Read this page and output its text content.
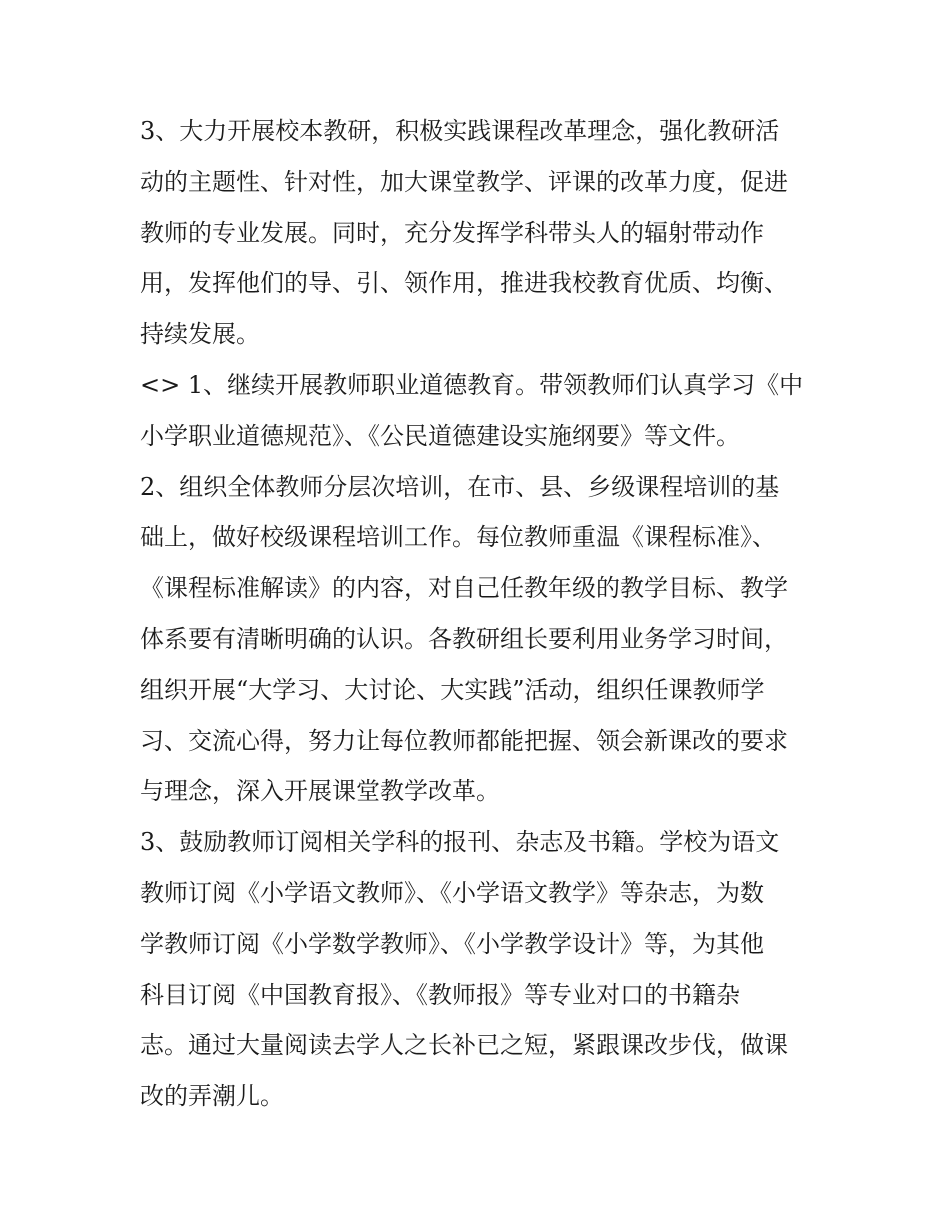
3、大力开展校本教研，积极实践课程改革理念，强化教研活
动的主题性、针对性，加大课堂教学、评课的改革力度，促进
教师的专业发展。同时，充分发挥学科带头人的辐射带动作
用，发挥他们的导、引、领作用，推进我校教育优质、均衡、
持续发展。
<> 1、继续开展教师职业道德教育。带领教师们认真学习《中
小学职业道德规范》、《公民道德建设实施纲要》等文件。
2、组织全体教师分层次培训，在市、县、乡级课程培训的基
础上，做好校级课程培训工作。每位教师重温《课程标准》、
《课程标准解读》的内容，对自己任教年级的教学目标、教学
体系要有清晰明确的认识。各教研组长要利用业务学习时间，
组织开展“大学习、大讨论、大实践”活动，组织任课教师学
习、交流心得，努力让每位教师都能把握、领会新课改的要求
与理念，深入开展课堂教学改革。
3、鼓励教师订阅相关学科的报刊、杂志及书籍。学校为语文
教师订阅《小学语文教师》、《小学语文教学》等杂志，为数
学教师订阅《小学数学教师》、《小学教学设计》等，为其他
科目订阅《中国教育报》、《教师报》等专业对口的书籍杂
志。通过大量阅读去学人之长补已之短，紧跟课改步伐，做课
改的弄潮儿。
